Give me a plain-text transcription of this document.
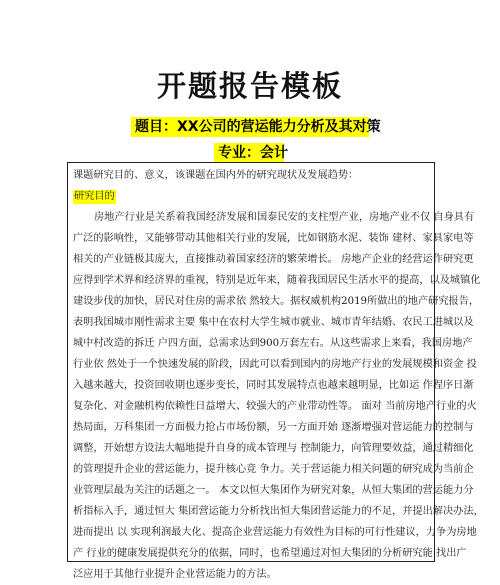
开题报告模板
题目：XX公司的营运能力分析及其对策
专业：会计
课题研究目的、意义，该课题在国内外的研究现状及发展趋势：
研究目的
房地产行业是关系着我国经济发展和国泰民安的支柱型产业，房地产业不仅 自身具有
广泛的影响性，又能够带动其他相关行业的发展，比如钢筋水泥、装饰 建材、家具家电等
相关的产业链极其庞大，直接推动着国家经济的繁荣增长。 房地产企业的经营运作研究更
应得到学术界和经济界的重视，特别是近年来，随着我国居民生活水平的提高，以及城镇化
建设步伐的加快，居民对住房的需求依 然较大。据权威机构2019所做出的地产研究报告，
表明我国城市刚性需求主要 集中在农村大学生城市就业、城市青年结婚、农民工进城以及
城中村改造的拆迁 户四方面，总需求达到900万套左右。从这些需求上来看，我国房地产
行业依 然处于一个快速发展的阶段，因此可以看到国内的房地产行业的发展规模和资金 投
入越来越大，投资回收期也逐步变长，同时其发展特点也越来越明显，比如运 作程序日渐
复杂化、对金融机构依赖性日益增大、较强大的产业带动性等。 面对 当前房地产行业的火
热局面，万科集团一方面极力抢占市场份额，另一方面开始 逐渐增强对营运能力的控制与
调整，开始想方设法大幅地提升自身的成本管理与 控制能力，向管理要效益，通过精细化
的管理提升企业的营运能力，提升核心竞 争力。关于营运能力相关问题的研究成为当前企
业管理层最为关注的话题之一。 本文以恒大集团作为研究对象，从恒大集团的营运能力分
析指标入手，通过恒大 集团营运能力分析找出恒大集团营运能力的不足，并提出解决办法，
进而提出 以 实现利润最大化、提高企业营运能力有效性为目标的可行性建议，力争为房地
产 行业的健康发展提供充分的依据，同时，也希望通过对恒大集团的分析研究能 找出广
泛应用于其他行业提升企业营运能力的方法。
